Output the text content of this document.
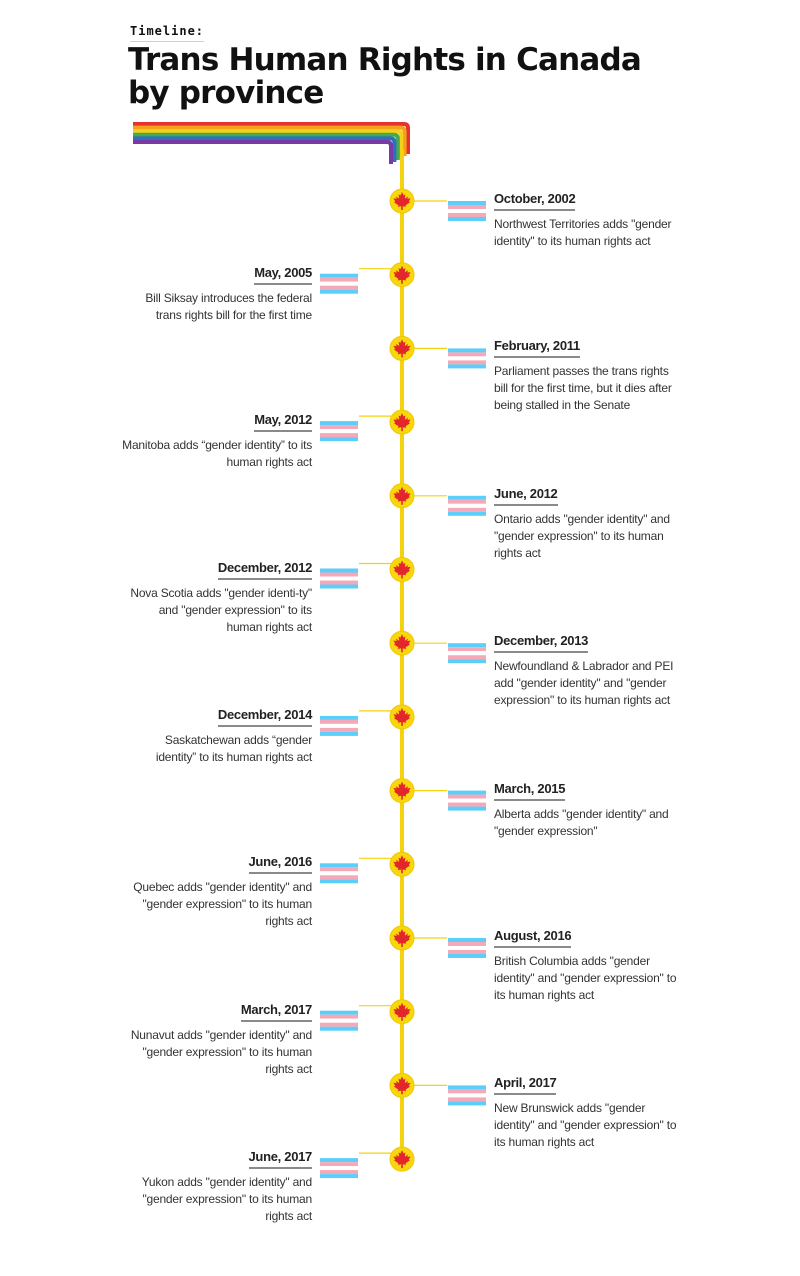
Timeline:
Trans Human Rights in Canada
by province
October, 2002
Northwest Territories adds "gender identity" to its human rights act
May, 2005
Bill Siksay introduces the federal trans rights bill for the first time
February, 2011
Parliament passes the trans rights bill for the first time, but it dies after being stalled in the Senate
May, 2012
Manitoba adds “gender identity” to its human rights act
June, 2012
Ontario adds "gender identity" and "gender expression" to its human rights act
December, 2012
Nova Scotia adds "gender identi-ty" and "gender expression" to its human rights act
December, 2013
Newfoundland & Labrador and PEI add "gender identity" and "gender expression" to its human rights act
December, 2014
Saskatchewan adds “gender identity” to its human rights act
March, 2015
Alberta adds "gender identity" and "gender expression"
June, 2016
Quebec adds "gender identity" and "gender expression" to its human rights act
August, 2016
British Columbia adds "gender identity" and "gender expression" to its human rights act
March, 2017
Nunavut adds "gender identity" and "gender expression" to its human rights act
April, 2017
New Brunswick adds "gender identity" and "gender expression" to its human rights act
June, 2017
Yukon adds "gender identity" and "gender expression" to its human rights act
